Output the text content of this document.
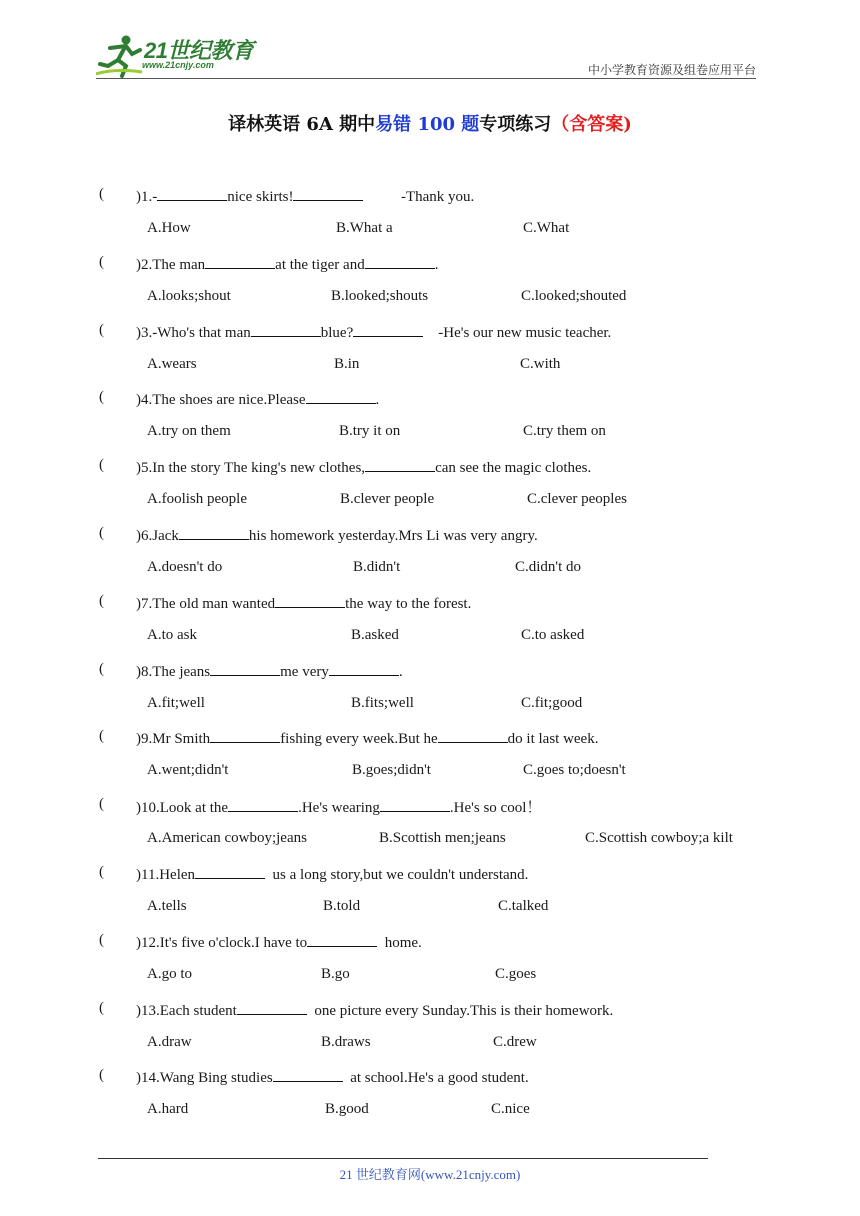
21世纪教育
www.21cnjy.com	中小学教育资源及组卷应用平台
译林英语 6A 期中易错 100 题专项练习（含答案)
( )1.-	nice skirts!	-Thank you.
A.How	B.What a	C.What
( )2.The man	at the tiger and	.
A.looks;shout	B.looked;shouts	C.looked;shouted
( )3.-Who's that man	blue?	-He's our new music teacher.
A.wears	B.in	C.with
( )4.The shoes are nice.Please	.
A.try on them	B.try it on	C.try them on
( )5.In the story The king's new clothes,	can see the magic clothes.
A.foolish people	B.clever people	C.clever peoples
( )6.Jack	his homework yesterday.Mrs Li was very angry.
A.doesn't do	B.didn't	C.didn't do
( )7.The old man wanted	the way to the forest.
A.to ask	B.asked	C.to asked
( )8.The jeans	me very	.
A.fit;well	B.fits;well	C.fit;good
( )9.Mr Smith	fishing every week.But he	do it last week.
A.went;didn't	B.goes;didn't	C.goes to;doesn't
( )10.Look at the	.He's wearing	.He's so cool！
A.American cowboy;jeans	B.Scottish men;jeans	C.Scottish cowboy;a kilt
( )11.Helen	us a long story,but we couldn't understand.
A.tells	B.told	C.talked
( )12.It's five o'clock.I have to	home.
A.go to	B.go	C.goes
( )13.Each student	one picture every Sunday.This is their homework.
A.draw	B.draws	C.drew
( )14.Wang Bing studies	at school.He's a good student.
A.hard	B.good	C.nice
21 世纪教育网(www.21cnjy.com)
